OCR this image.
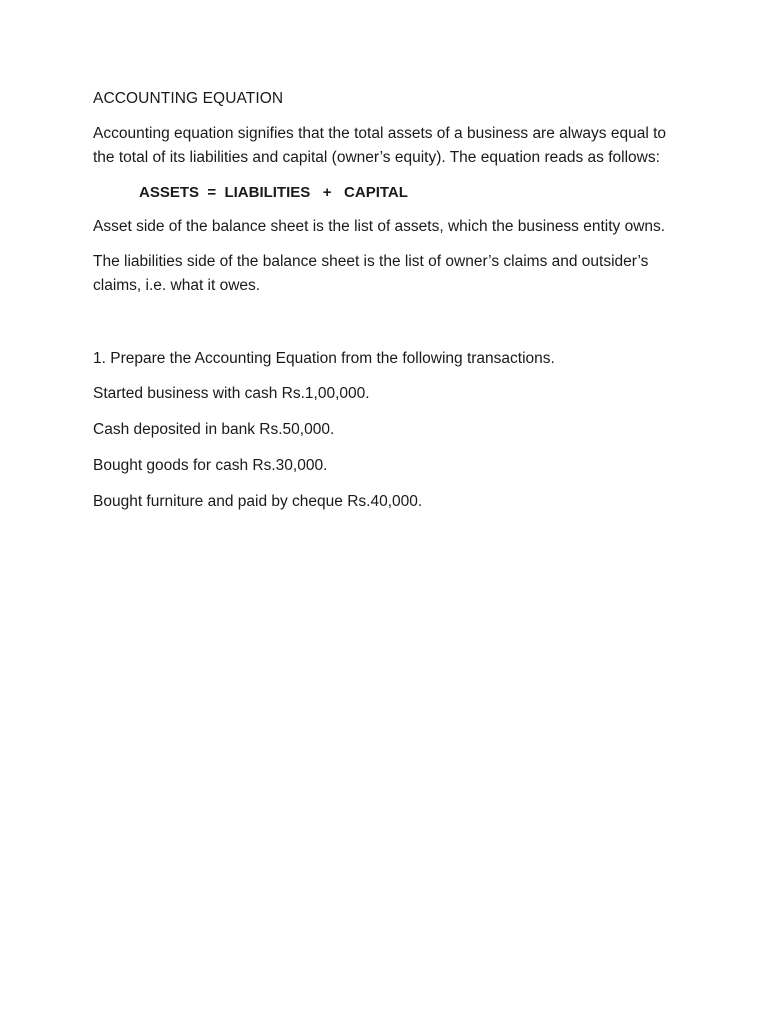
ACCOUNTING EQUATION

Accounting equation signifies that the total assets of a business are always equal to the total of its liabilities and capital (owner’s equity). The equation reads as follows:

ASSETS  =  LIABILITIES   +   CAPITAL

Asset side of the balance sheet is the list of assets, which the business entity owns.

The liabilities side of the balance sheet is the list of owner’s claims and outsider’s claims, i.e. what it owes.

1. Prepare the Accounting Equation from the following transactions.

Started business with cash Rs.1,00,000.

Cash deposited in bank Rs.50,000.

Bought goods for cash Rs.30,000.

Bought furniture and paid by cheque Rs.40,000.
